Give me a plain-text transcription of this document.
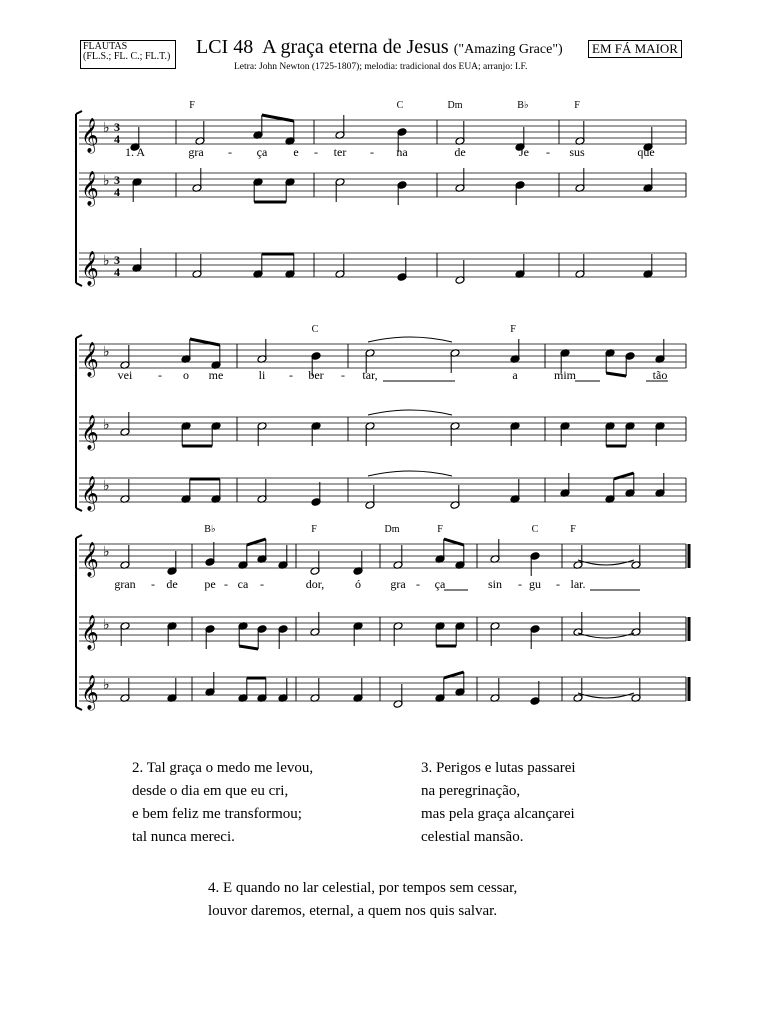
FLAUTAS
(FL.S.; FL. C.; FL.T.) LCI 48 A graça eterna de Jesus ("Amazing Grace")	EM FÁ MAIOR
Letra: John Newton (1725-1807); melodia: tradicional dos EUA; arranjo: I.F.
𝄞 ♭ 3
4
𝄞 ♭ 3
4
𝄞 ♭ 3
4
𝄞 ♭
𝄞 ♭
𝄞 ♭
𝄞 ♭
𝄞 ♭
𝄞 ♭
F	C	Dm	B♭	F
C	F
B♭	F	Dm	F	C	F
1. A	gra - ça e - ter - na	de	Je - sus	que
vei - o me	li - ber - tar,	a	mim	tão
gran - de pe - ca -	dor,	ó gra - ça	sin - gu - lar.
2. Tal graça o medo me levou,
desde o dia em que eu cri,
e bem feliz me transformou;
tal nunca mereci.
3. Perigos e lutas passarei
na peregrinação,
mas pela graça alcançarei
celestial mansão.
4. E quando no lar celestial, por tempos sem cessar,
louvor daremos, eternal, a quem nos quis salvar.
